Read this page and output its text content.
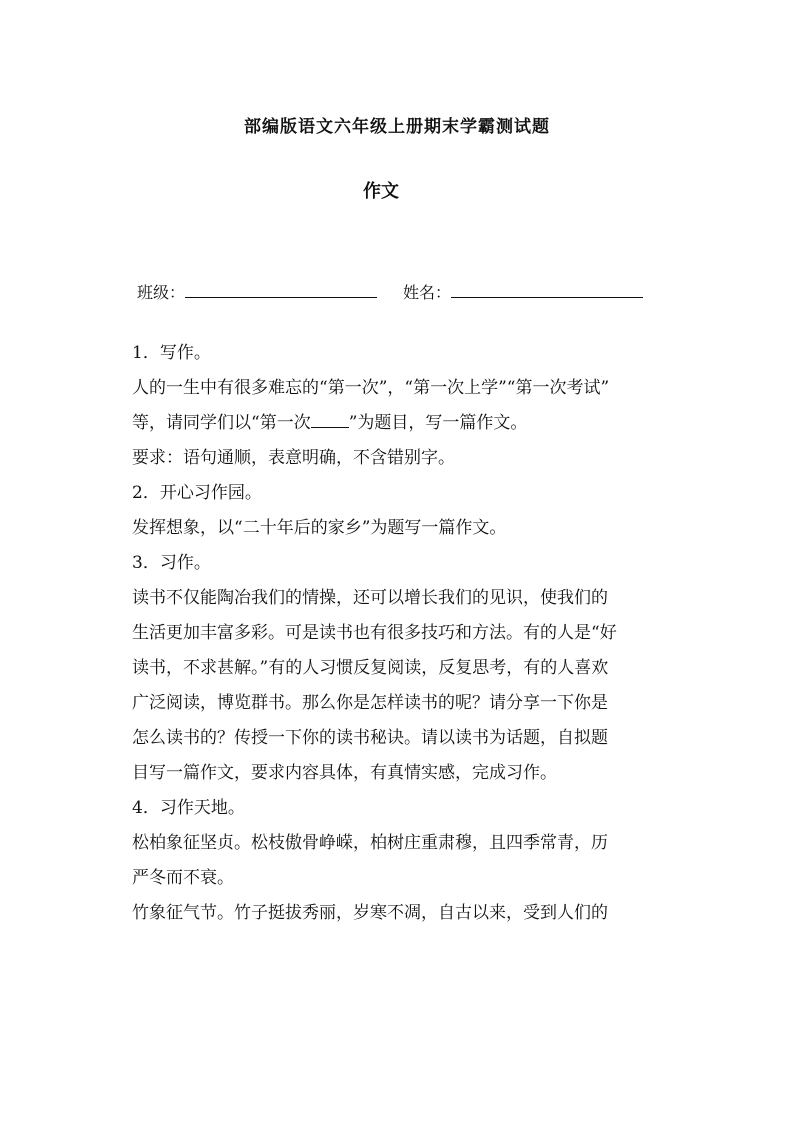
部编版语文六年级上册期末学霸测试题
作文
班级：	姓名：

1．写作。

人的一生中有很多难忘的“第一次”，“第一次上学”“第一次考试”

等，请同学们以“第一次 ”为题目，写一篇作文。

要求：语句通顺，表意明确，不含错别字。

2．开心习作园。

发挥想象，以“二十年后的家乡”为题写一篇作文。

3．习作。

读书不仅能陶冶我们的情操，还可以增长我们的见识，使我们的

生活更加丰富多彩。可是读书也有很多技巧和方法。有的人是“好

读书，不求甚解。”有的人习惯反复阅读，反复思考，有的人喜欢

广泛阅读，博览群书。那么你是怎样读书的呢？请分享一下你是

怎么读书的？传授一下你的读书秘诀。请以读书为话题，自拟题

目写一篇作文，要求内容具体，有真情实感，完成习作。

4．习作天地。

松柏象征坚贞。松枝傲骨峥嵘，柏树庄重肃穆，且四季常青，历

严冬而不衰。

竹象征气节。竹子挺拔秀丽，岁寒不凋，自古以来，受到人们的
